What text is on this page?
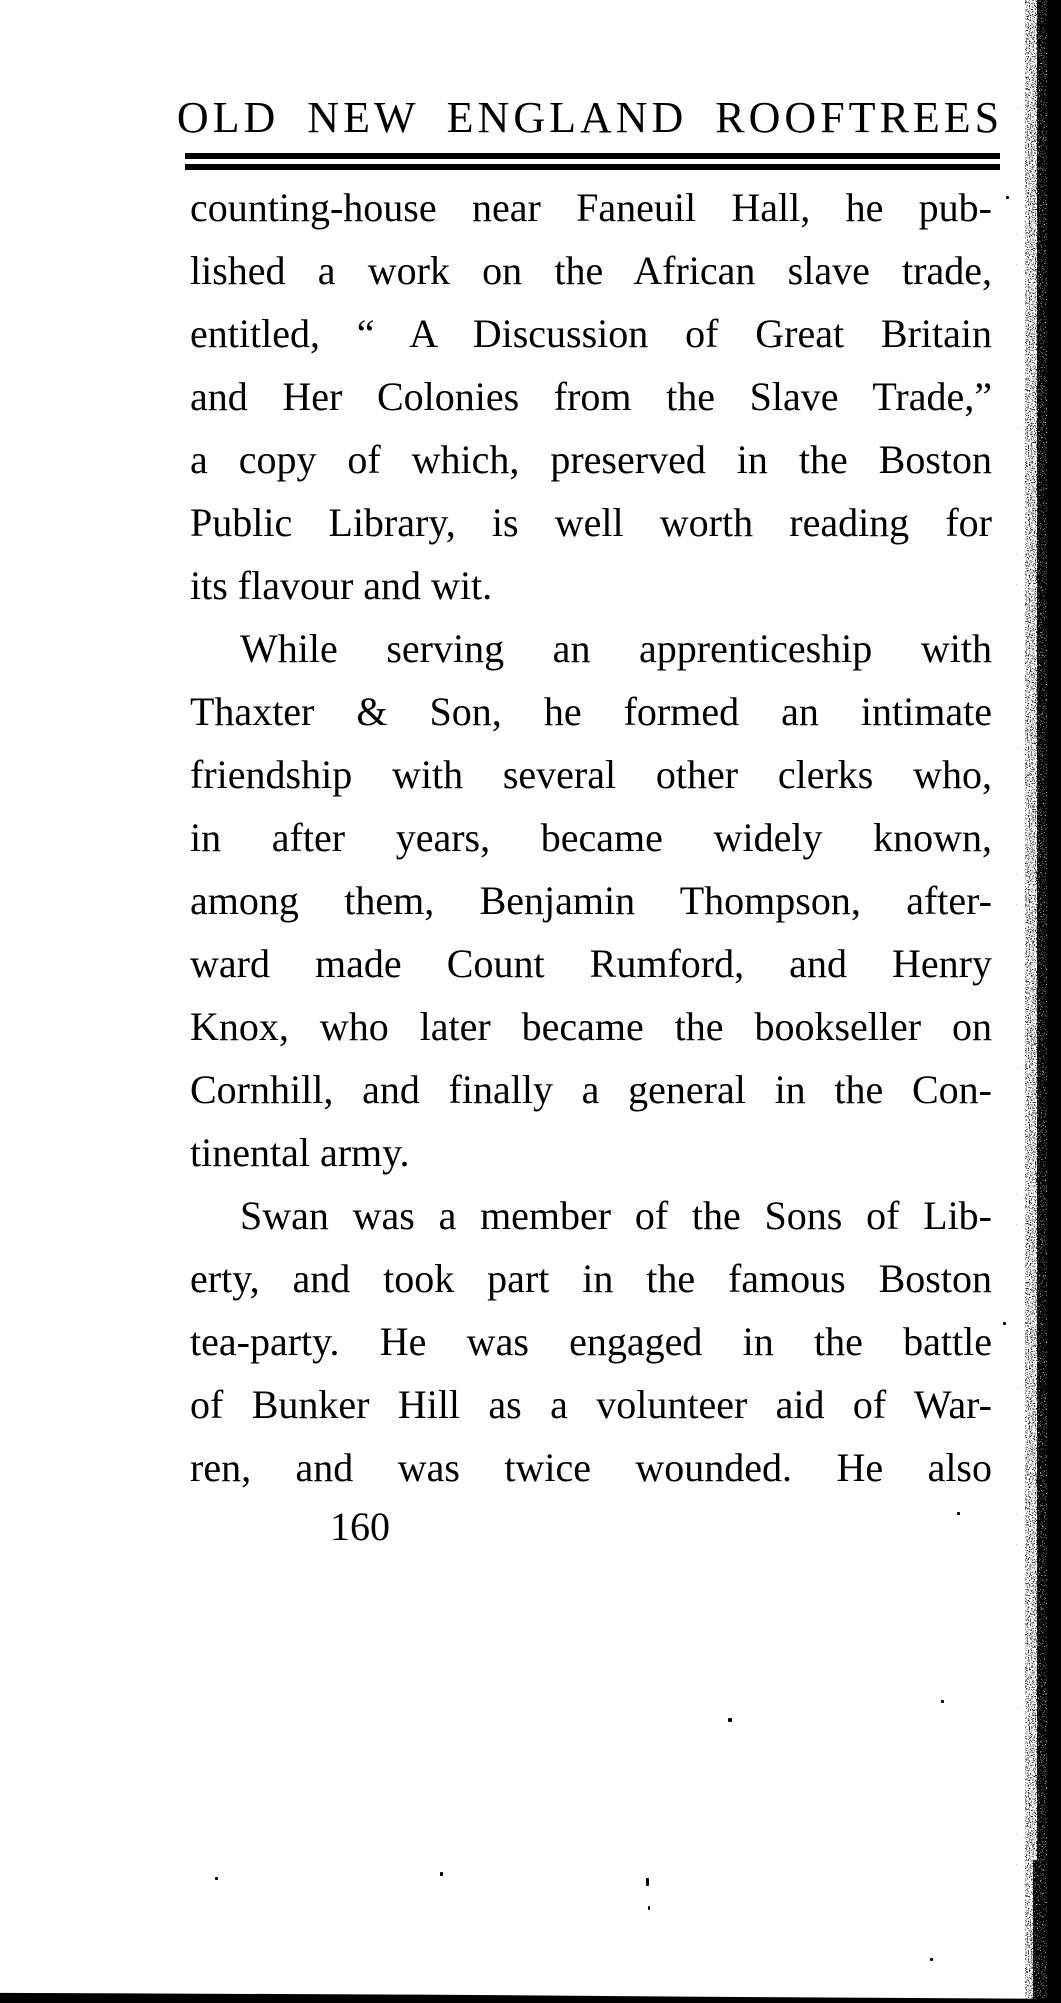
OLD NEW ENGLAND ROOFTREES
counting-house near Faneuil Hall, he pub-
lished a work on the African slave trade,
entitled, “ A Discussion of Great Britain
and Her Colonies from the Slave Trade,”
a copy of which, preserved in the Boston
Public Library, is well worth reading for
its flavour and wit.
While serving an apprenticeship with
Thaxter & Son, he formed an intimate
friendship with several other clerks who,
in after years, became widely known,
among them, Benjamin Thompson, after-
ward made Count Rumford, and Henry
Knox, who later became the bookseller on
Cornhill, and finally a general in the Con-
tinental army.
Swan was a member of the Sons of Lib-
erty, and took part in the famous Boston
tea-party. He was engaged in the battle
of Bunker Hill as a volunteer aid of War-
ren, and was twice wounded. He also
160
